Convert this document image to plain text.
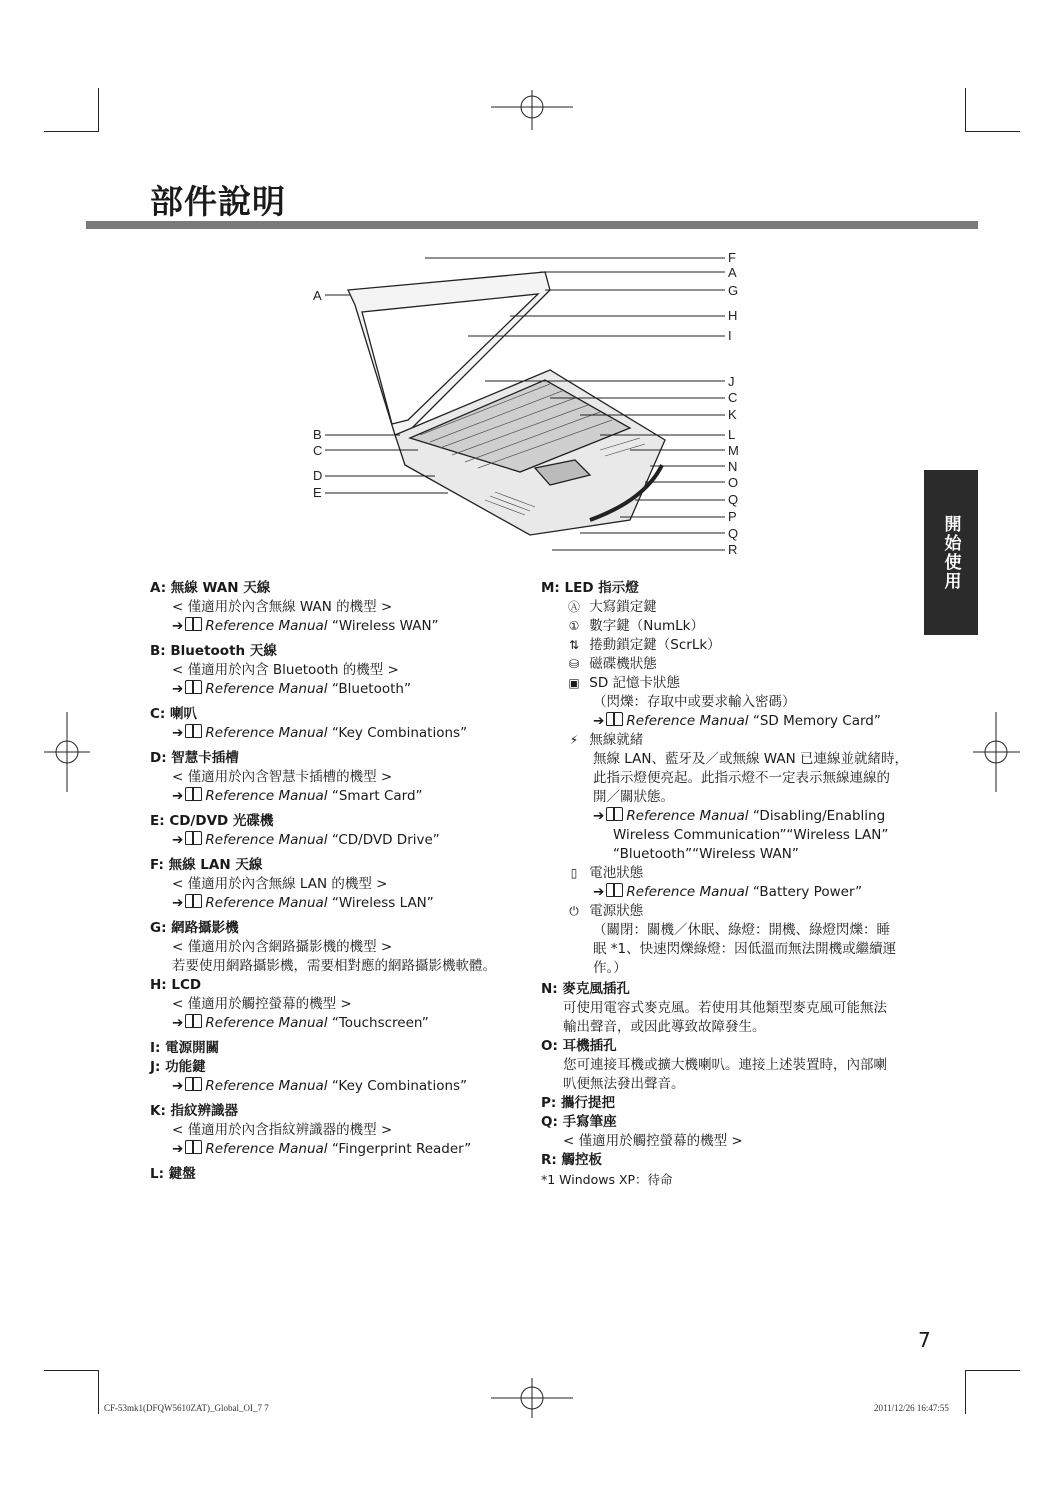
部件說明
開始使用
F
A
G
H
I
J
C
K
L
M
N
O
Q
P
Q
R
A
B
C
D
E
A: 無線 WAN 天線
< 僅適用於內含無線 WAN 的機型 >
➔ Reference Manual “Wireless WAN”
B: Bluetooth 天線
< 僅適用於內含 Bluetooth 的機型 >
➔ Reference Manual “Bluetooth”
C: 喇叭
➔ Reference Manual “Key Combinations”
D: 智慧卡插槽
< 僅適用於內含智慧卡插槽的機型 >
➔ Reference Manual “Smart Card”
E: CD/DVD 光碟機
➔ Reference Manual “CD/DVD Drive”
F: 無線 LAN 天線
< 僅適用於內含無線 LAN 的機型 >
➔ Reference Manual “Wireless LAN”
G: 網路攝影機
< 僅適用於內含網路攝影機的機型 >
若要使用網路攝影機，需要相對應的網路攝影機軟體。
H: LCD
< 僅適用於觸控螢幕的機型 >
➔ Reference Manual “Touchscreen”
I: 電源開關
J: 功能鍵
➔ Reference Manual “Key Combinations”
K: 指紋辨識器
< 僅適用於內含指紋辨識器的機型 >
➔ Reference Manual “Fingerprint Reader”
L: 鍵盤
M: LED 指示燈
Ⓐ 大寫鎖定鍵
① 數字鍵（NumLk）
⇅ 捲動鎖定鍵（ScrLk）
⛁ 磁碟機狀態
▣ SD 記憶卡狀態
（閃爍：存取中或要求輸入密碼）
➔ Reference Manual “SD Memory Card”
⚡ 無線就緒
無線 LAN、藍牙及／或無線 WAN 已連線並就緒時，
此指示燈便亮起。此指示燈不一定表示無線連線的
開／關狀態。
➔ Reference Manual “Disabling/Enabling
Wireless Communication”“Wireless LAN”
“Bluetooth”“Wireless WAN”
▯ 電池狀態
➔ Reference Manual “Battery Power”
⏻ 電源狀態
（關閉：關機／休眠、綠燈：開機、綠燈閃爍：睡
眠 *1、快速閃爍綠燈：因低溫而無法開機或繼續運
作。）
N: 麥克風插孔
可使用電容式麥克風。若使用其他類型麥克風可能無法
輸出聲音，或因此導致故障發生。
O: 耳機插孔
您可連接耳機或擴大機喇叭。連接上述裝置時，內部喇
叭便無法發出聲音。
P: 攜行提把
Q: 手寫筆座
< 僅適用於觸控螢幕的機型 >
R: 觸控板
*1 Windows XP：待命
7
CF-53mk1(DFQW5610ZAT)_Global_OI_7 7	2011/12/26 16:47:55
